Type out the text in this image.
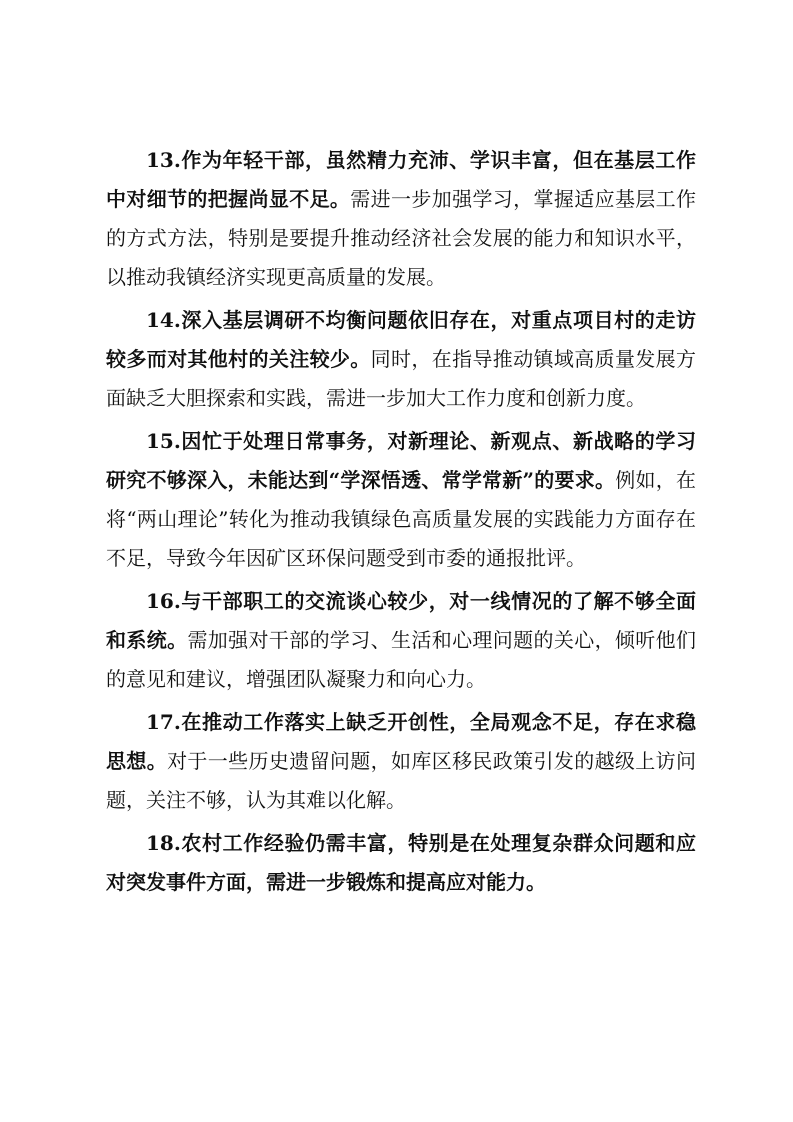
13.作为年轻干部，虽然精力充沛、学识丰富，但在基层工作中对细节的把握尚显不足。需进一步加强学习，掌握适应基层工作的方式方法，特别是要提升推动经济社会发展的能力和知识水平，以推动我镇经济实现更高质量的发展。

14.深入基层调研不均衡问题依旧存在，对重点项目村的走访较多而对其他村的关注较少。同时，在指导推动镇域高质量发展方面缺乏大胆探索和实践，需进一步加大工作力度和创新力度。

15.因忙于处理日常事务，对新理论、新观点、新战略的学习研究不够深入，未能达到“学深悟透、常学常新”的要求。例如，在将“两山理论”转化为推动我镇绿色高质量发展的实践能力方面存在不足，导致今年因矿区环保问题受到市委的通报批评。

16.与干部职工的交流谈心较少，对一线情况的了解不够全面和系统。需加强对干部的学习、生活和心理问题的关心，倾听他们的意见和建议，增强团队凝聚力和向心力。

17.在推动工作落实上缺乏开创性，全局观念不足，存在求稳思想。对于一些历史遗留问题，如库区移民政策引发的越级上访问题，关注不够，认为其难以化解。

18.农村工作经验仍需丰富，特别是在处理复杂群众问题和应对突发事件方面，需进一步锻炼和提高应对能力。
